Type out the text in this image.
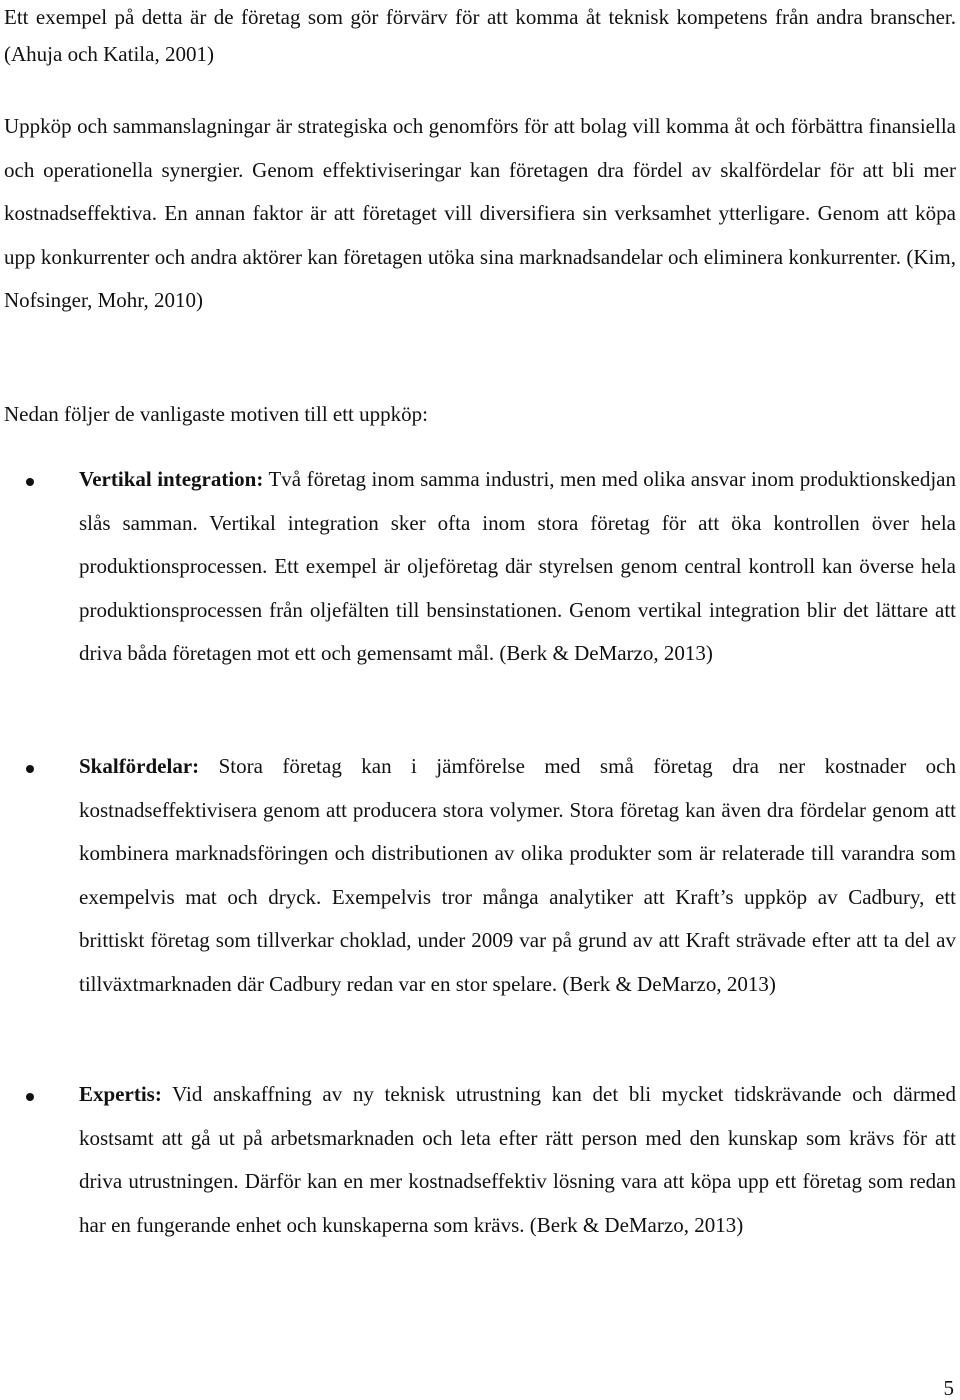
Ett exempel på detta är de företag som gör förvärv för att komma åt teknisk kompetens från andra branscher. (Ahuja och Katila, 2001)

Uppköp och sammanslagningar är strategiska och genomförs för att bolag vill komma åt och förbättra finansiella och operationella synergier. Genom effektiviseringar kan företagen dra fördel av skalfördelar för att bli mer kostnadseffektiva. En annan faktor är att företaget vill diversifiera sin verksamhet ytterligare. Genom att köpa upp konkurrenter och andra aktörer kan företagen utöka sina marknadsandelar och eliminera konkurrenter. (Kim, Nofsinger, Mohr, 2010)

Nedan följer de vanligaste motiven till ett uppköp:

Vertikal integration: Två företag inom samma industri, men med olika ansvar inom produktionskedjan slås samman. Vertikal integration sker ofta inom stora företag för att öka kontrollen över hela produktionsprocessen. Ett exempel är oljeföretag där styrelsen genom central kontroll kan överse hela produktionsprocessen från oljefälten till bensinstationen. Genom vertikal integration blir det lättare att driva båda företagen mot ett och gemensamt mål. (Berk & DeMarzo, 2013)

Skalfördelar: Stora företag kan i jämförelse med små företag dra ner kostnader och kostnadseffektivisera genom att producera stora volymer. Stora företag kan även dra fördelar genom att kombinera marknadsföringen och distributionen av olika produkter som är relaterade till varandra som exempelvis mat och dryck. Exempelvis tror många analytiker att Kraft’s uppköp av Cadbury, ett brittiskt företag som tillverkar choklad, under 2009 var på grund av att Kraft strävade efter att ta del av tillväxtmarknaden där Cadbury redan var en stor spelare. (Berk & DeMarzo, 2013)

Expertis: Vid anskaffning av ny teknisk utrustning kan det bli mycket tidskrävande och därmed kostsamt att gå ut på arbetsmarknaden och leta efter rätt person med den kunskap som krävs för att driva utrustningen. Därför kan en mer kostnadseffektiv lösning vara att köpa upp ett företag som redan har en fungerande enhet och kunskaperna som krävs. (Berk & DeMarzo, 2013)

5
